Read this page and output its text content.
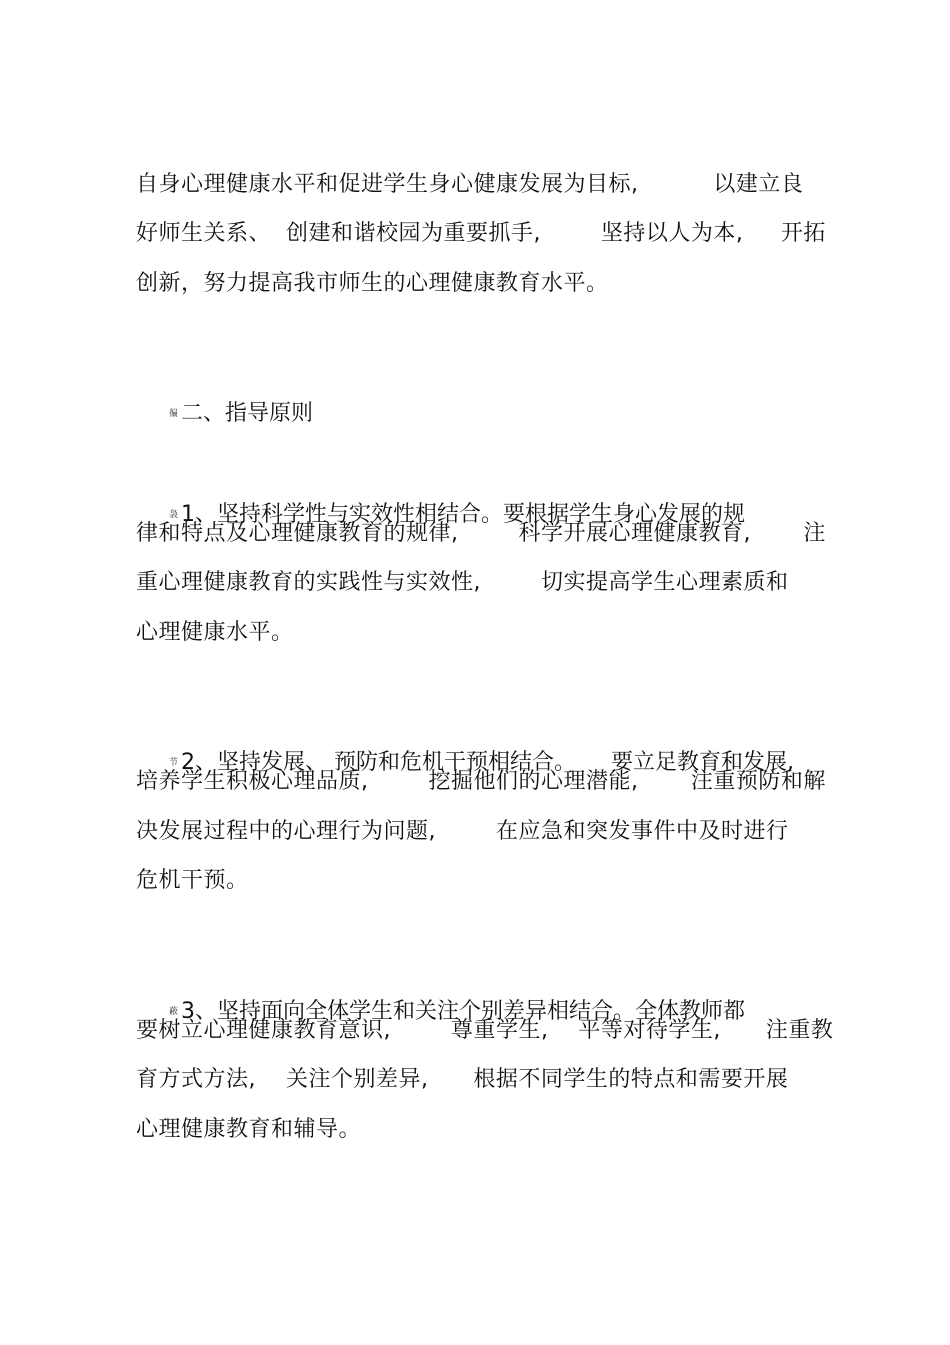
自身心理健康水平和促进学生身心健康发展为目标,          以建立良
好师生关系、  创建和谐校园为重要抓手,        坚持以人为本,     开拓
创新，努力提高我市师生的心理健康教育水平。

徧 二、指导原则

袅 1、坚持科学性与实效性相结合。要根据学生身心发展的规

律和特点及心理健康教育的规律,        科学开展心理健康教育,       注
重心理健康教育的实践性与实效性,        切实提高学生心理素质和
心理健康水平。

节 2、坚持发展、 预防和危机干预相结合。     要立足教育和发展,

培养学生积极心理品质,        挖掘他们的心理潜能,       注重预防和解
决发展过程中的心理行为问题,        在应急和突发事件中及时进行
危机干预。

蔽 3、坚持面向全体学生和关注个别差异相结合。全体教师都

要树立心理健康教育意识,        尊重学生,    平等对待学生,      注重教
育方式方法,    关注个别差异,      根据不同学生的特点和需要开展
心理健康教育和辅导。
